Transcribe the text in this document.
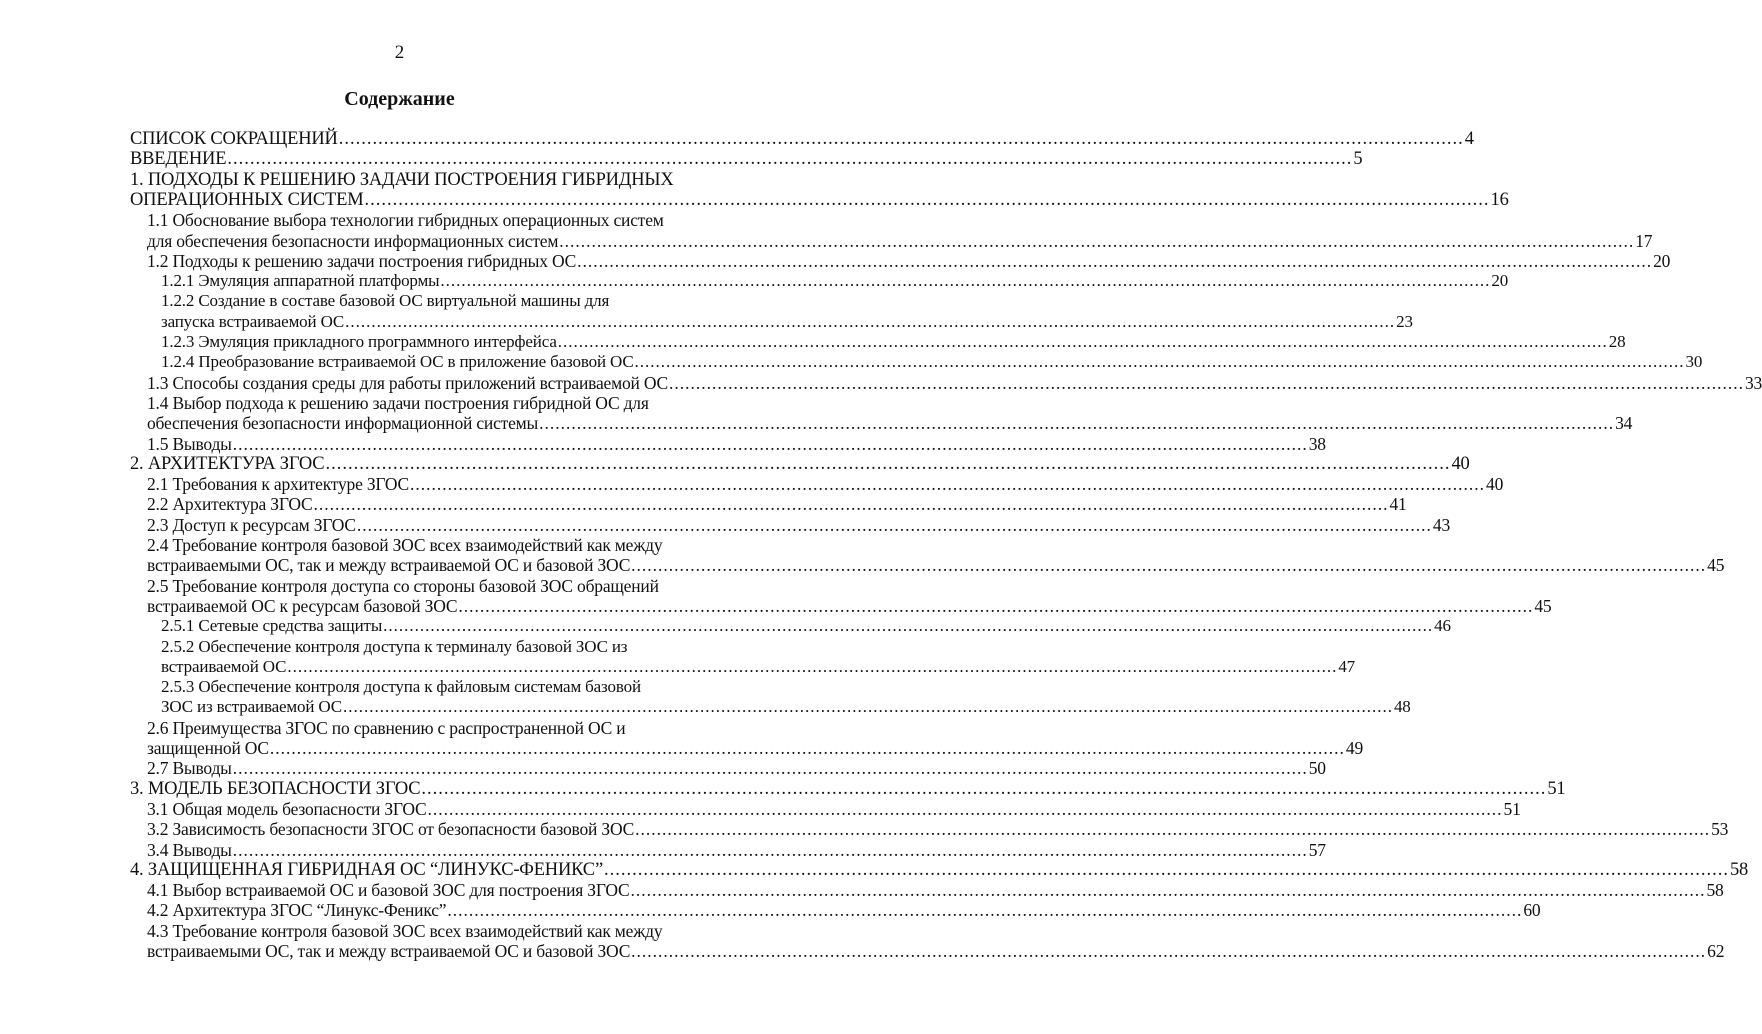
2
Содержание
СПИСОК СОКРАЩЕНИЙ ........................................................................................................................................................................................................ 4
ВВЕДЕНИЕ ........................................................................................................................................................................................................ 5
1. ПОДХОДЫ К РЕШЕНИЮ ЗАДАЧИ ПОСТРОЕНИЯ ГИБРИДНЫХ
ОПЕРАЦИОННЫХ СИСТЕМ ........................................................................................................................................................................................................ 16
1.1 Обоснование выбора технологии гибридных операционных систем
для обеспечения безопасности информационных систем ........................................................................................................................................................................................................ 17
1.2 Подходы к решению задачи построения гибридных ОС ........................................................................................................................................................................................................ 20
1.2.1 Эмуляция аппаратной платформы ........................................................................................................................................................................................................ 20
1.2.2 Создание в составе базовой ОС виртуальной машины для
запуска встраиваемой ОС ........................................................................................................................................................................................................ 23
1.2.3 Эмуляция прикладного программного интерфейса ........................................................................................................................................................................................................ 28
1.2.4 Преобразование встраиваемой ОС в приложение базовой ОС ........................................................................................................................................................................................................ 30
1.3 Способы создания среды для работы приложений встраиваемой ОС ........................................................................................................................................................................................................ 33
1.4 Выбор подхода к решению задачи построения гибридной ОС для
обеспечения безопасности информационной системы ........................................................................................................................................................................................................ 34
1.5 Выводы ........................................................................................................................................................................................................ 38
2. АРХИТЕКТУРА ЗГОС ........................................................................................................................................................................................................ 40
2.1 Требования к архитектуре ЗГОС ........................................................................................................................................................................................................ 40
2.2 Архитектура ЗГОС ........................................................................................................................................................................................................ 41
2.3 Доступ к ресурсам ЗГОС ........................................................................................................................................................................................................ 43
2.4 Требование контроля базовой ЗОС всех взаимодействий как между
встраиваемыми ОС, так и между встраиваемой ОС и базовой ЗОС ........................................................................................................................................................................................................ 45
2.5 Требование контроля доступа со стороны базовой ЗОС обращений
встраиваемой ОС к ресурсам базовой ЗОС ........................................................................................................................................................................................................ 45
2.5.1 Сетевые средства защиты ........................................................................................................................................................................................................ 46
2.5.2 Обеспечение контроля доступа к терминалу базовой ЗОС из
встраиваемой ОС ........................................................................................................................................................................................................ 47
2.5.3 Обеспечение контроля доступа к файловым системам базовой
ЗОС из встраиваемой ОС ........................................................................................................................................................................................................ 48
2.6 Преимущества ЗГОС по сравнению с распространенной ОС и
защищенной ОС ........................................................................................................................................................................................................ 49
2.7 Выводы ........................................................................................................................................................................................................ 50
3. МОДЕЛЬ БЕЗОПАСНОСТИ ЗГОС ........................................................................................................................................................................................................ 51
3.1 Общая модель безопасности ЗГОС ........................................................................................................................................................................................................ 51
3.2 Зависимость безопасности ЗГОС от безопасности базовой ЗОС ........................................................................................................................................................................................................ 53
3.4 Выводы ........................................................................................................................................................................................................ 57
4. ЗАЩИЩЕННАЯ ГИБРИДНАЯ ОС “ЛИНУКС-ФЕНИКС” ........................................................................................................................................................................................................ 58
4.1 Выбор встраиваемой ОС и базовой ЗОС для построения ЗГОС ........................................................................................................................................................................................................ 58
4.2 Архитектура ЗГОС “Линукс-Феникс” ........................................................................................................................................................................................................ 60
4.3 Требование контроля базовой ЗОС всех взаимодействий как между
встраиваемыми ОС, так и между встраиваемой ОС и базовой ЗОС ........................................................................................................................................................................................................ 62
